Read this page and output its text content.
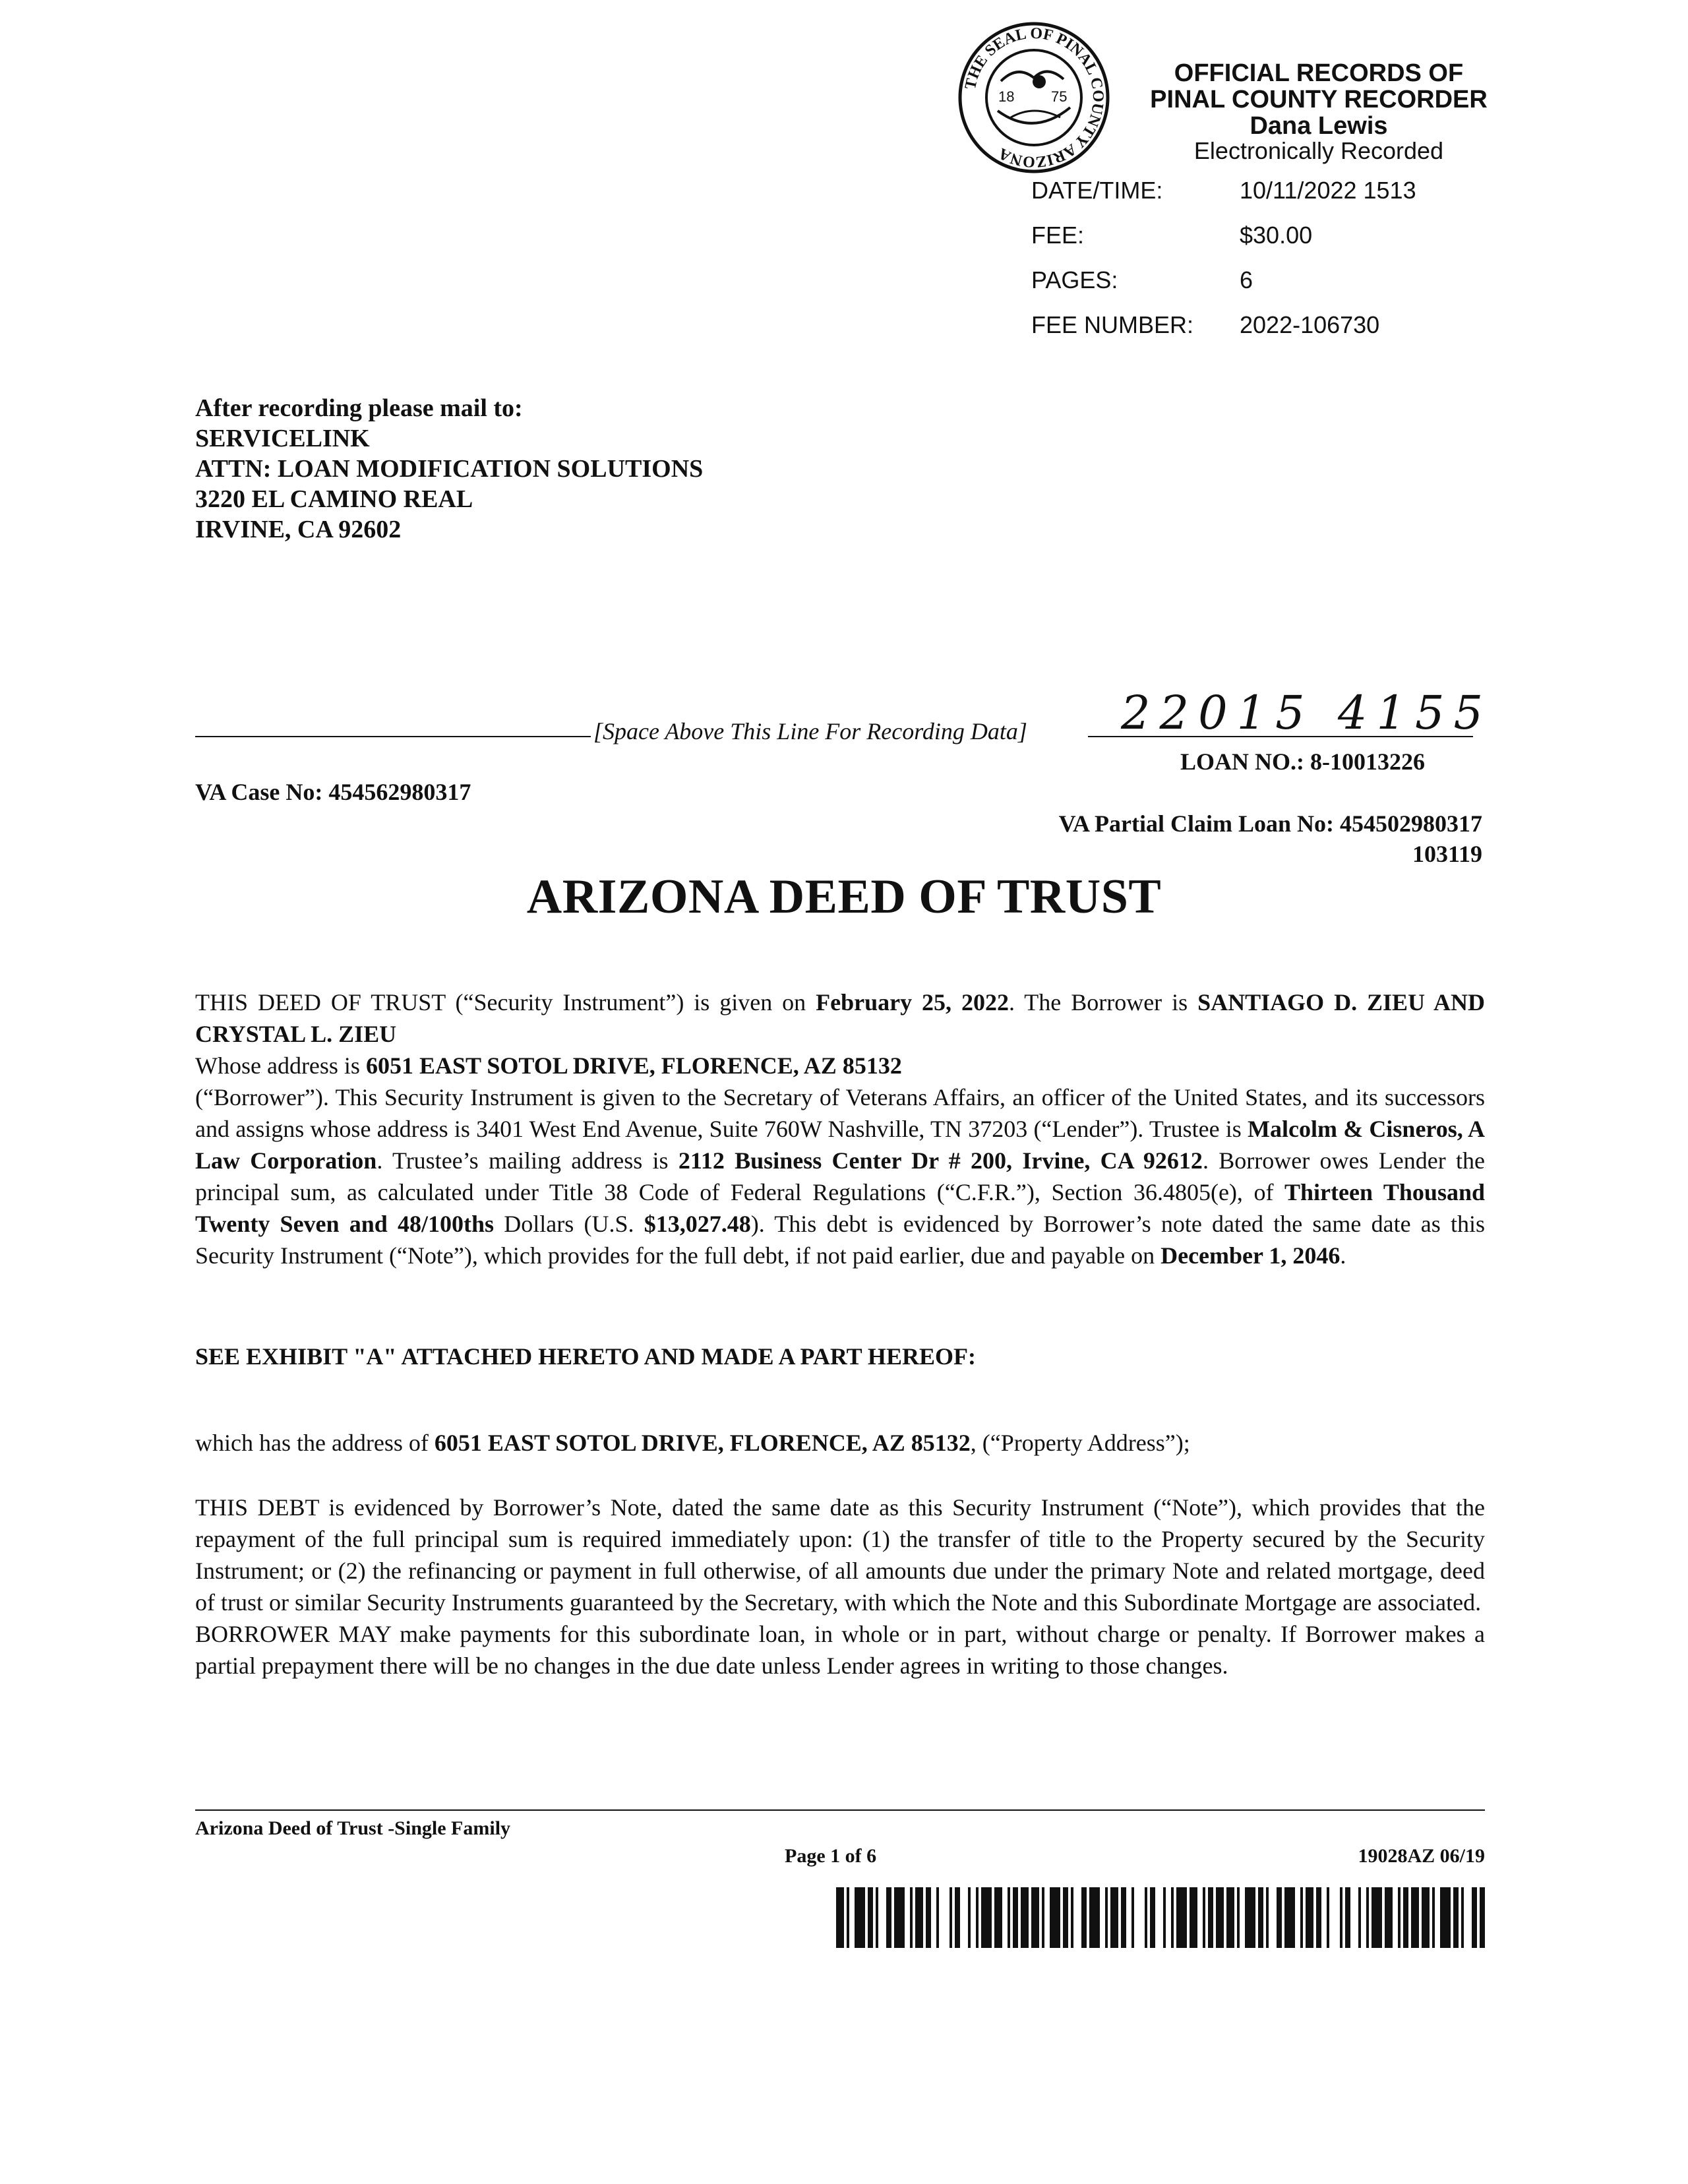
THE SEAL OF PINAL COUNTY ARIZONA
18	75
OFFICIAL RECORDS OF
PINAL COUNTY RECORDER
Dana Lewis
Electronically Recorded
DATE/TIME:	10/11/2022 1513
FEE:	$30.00
PAGES:	6
FEE NUMBER: 2022-106730
After recording please mail to:
SERVICELINK
ATTN: LOAN MODIFICATION SOLUTIONS
3220 EL CAMINO REAL
IRVINE, CA 92602
[Space Above This Line For Recording Data] 22015 4155
LOAN NO.: 8-10013226
VA Case No: 454562980317
VA Partial Claim Loan No: 454502980317
103119
ARIZONA DEED OF TRUST
THIS DEED OF TRUST (“Security Instrument”) is given on February 25, 2022. The Borrower is SANTIAGO D. ZIEU AND CRYSTAL L. ZIEU
Whose address is 6051 EAST SOTOL DRIVE, FLORENCE, AZ 85132
(“Borrower”). This Security Instrument is given to the Secretary of Veterans Affairs, an officer of the United States, and its successors and assigns whose address is 3401 West End Avenue, Suite 760W Nashville, TN 37203 (“Lender”). Trustee is Malcolm & Cisneros, A Law Corporation. Trustee’s mailing address is 2112 Business Center Dr # 200, Irvine, CA 92612. Borrower owes Lender the principal sum, as calculated under Title 38 Code of Federal Regulations (“C.F.R.”), Section 36.4805(e), of Thirteen Thousand Twenty Seven and 48/100ths Dollars (U.S. $13,027.48). This debt is evidenced by Borrower’s note dated the same date as this Security Instrument (“Note”), which provides for the full debt, if not paid earlier, due and payable on December 1, 2046.
SEE EXHIBIT "A" ATTACHED HERETO AND MADE A PART HEREOF:
which has the address of 6051 EAST SOTOL DRIVE, FLORENCE, AZ 85132, (“Property Address”);
THIS DEBT is evidenced by Borrower’s Note, dated the same date as this Security Instrument (“Note”), which provides that the repayment of the full principal sum is required immediately upon: (1) the transfer of title to the Property secured by the Security Instrument; or (2) the refinancing or payment in full otherwise, of all amounts due under the primary Note and related mortgage, deed of trust or similar Security Instruments guaranteed by the Secretary, with which the Note and this Subordinate Mortgage are associated.
BORROWER MAY make payments for this subordinate loan, in whole or in part, without charge or penalty. If Borrower makes a partial prepayment there will be no changes in the due date unless Lender agrees in writing to those changes.
Arizona Deed of Trust -Single Family
Page 1 of 6	19028AZ 06/19
